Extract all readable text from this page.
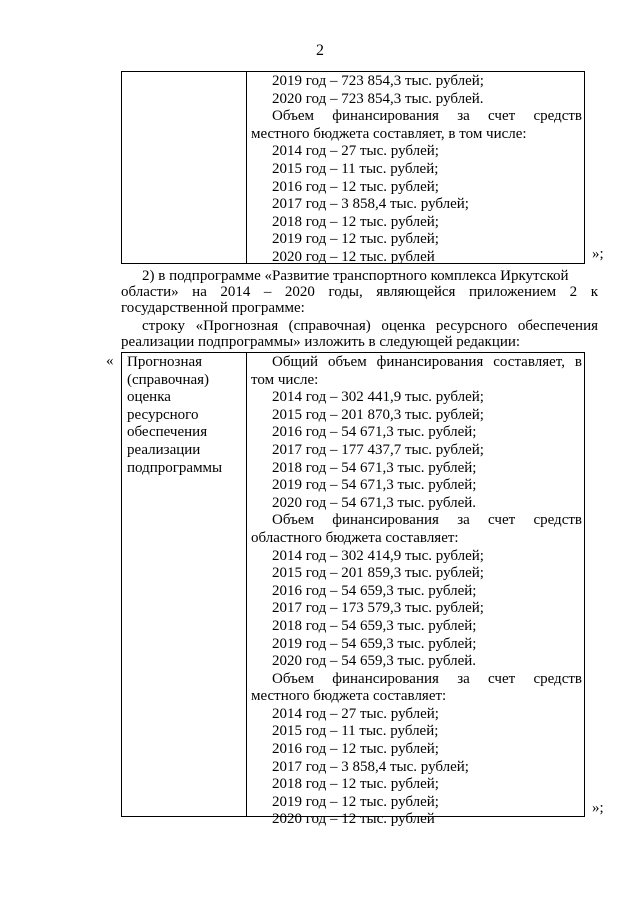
2
2019 год – 723 854,3 тыс. рублей;
2020 год – 723 854,3 тыс. рублей.
Объем финансирования за счет средств
местного бюджета составляет, в том числе:
2014 год – 27 тыс. рублей;
2015 год – 11 тыс. рублей;
2016 год – 12 тыс. рублей;
2017 год – 3 858,4 тыс. рублей;
2018 год – 12 тыс. рублей;
2019 год – 12 тыс. рублей;
2020 год – 12 тыс. рублей	»;
2) в подпрограмме «Развитие транспортного комплекса Иркутской
области» на 2014 – 2020 годы, являющейся приложением 2 к
государственной программе:
строку «Прогнозная (справочная) оценка ресурсного обеспечения
реализации подпрограммы» изложить в следующей редакции:
« Прогнозная
(справочная)
оценка
ресурсного
обеспечения
реализации
подпрограммы
Общий объем финансирования составляет, в
том числе:
2014 год – 302 441,9 тыс. рублей;
2015 год – 201 870,3 тыс. рублей;
2016 год – 54 671,3 тыс. рублей;
2017 год – 177 437,7 тыс. рублей;
2018 год – 54 671,3 тыс. рублей;
2019 год – 54 671,3 тыс. рублей;
2020 год – 54 671,3 тыс. рублей.
Объем финансирования за счет средств
областного бюджета составляет:
2014 год – 302 414,9 тыс. рублей;
2015 год – 201 859,3 тыс. рублей;
2016 год – 54 659,3 тыс. рублей;
2017 год – 173 579,3 тыс. рублей;
2018 год – 54 659,3 тыс. рублей;
2019 год – 54 659,3 тыс. рублей;
2020 год – 54 659,3 тыс. рублей.
Объем финансирования за счет средств
местного бюджета составляет:
2014 год – 27 тыс. рублей;
2015 год – 11 тыс. рублей;
2016 год – 12 тыс. рублей;
2017 год – 3 858,4 тыс. рублей;
2018 год – 12 тыс. рублей;
2019 год – 12 тыс. рублей;
2020 год – 12 тыс. рублей
»;
